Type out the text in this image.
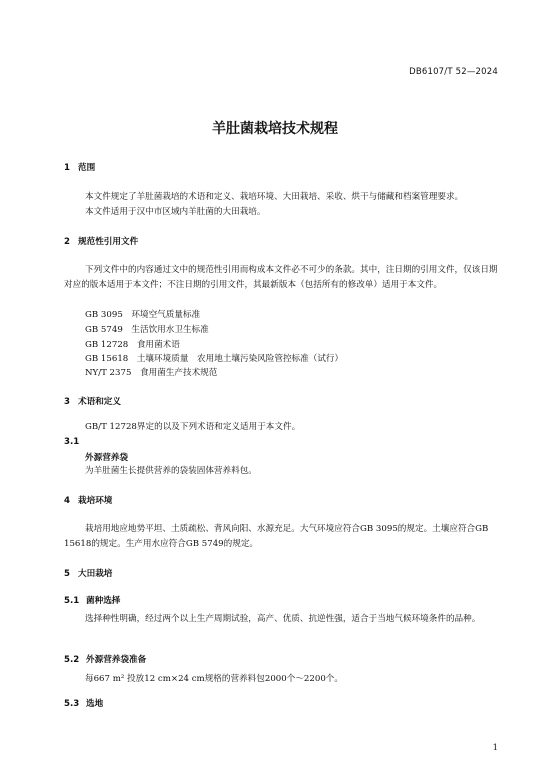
DB6107/T 52—2024
羊肚菌栽培技术规程
1 范围
本文件规定了羊肚菌栽培的术语和定义、栽培环境、大田栽培、采收、烘干与储藏和档案管理要求。
本文件适用于汉中市区域内羊肚菌的大田栽培。
2 规范性引用文件
下列文件中的内容通过文中的规范性引用而构成本文件必不可少的条款。其中，注日期的引用文件，仅该日期对应的版本适用于本文件；不注日期的引用文件，其最新版本（包括所有的修改单）适用于本文件。
GB 3095　环境空气质量标准
GB 5749　生活饮用水卫生标准
GB 12728　食用菌术语
GB 15618　土壤环境质量　农用地土壤污染风险管控标准（试行）
NY/T 2375　食用菌生产技术规范
3 术语和定义
GB/T 12728界定的以及下列术语和定义适用于本文件。
3.1
外源营养袋
为羊肚菌生长提供营养的袋装固体营养料包。
4 栽培环境
栽培用地应地势平坦、土质疏松、背风向阳、水源充足。大气环境应符合GB 3095的规定。土壤应符合GB 15618的规定。生产用水应符合GB 5749的规定。
5 大田栽培
5.1 菌种选择
选择种性明确，经过两个以上生产周期试验，高产、优质、抗逆性强，适合于当地气候环境条件的品种。
5.2 外源营养袋准备
每667 m² 投放12 cm×24 cm规格的营养料包2000个～2200个。
5.3 选地
1
